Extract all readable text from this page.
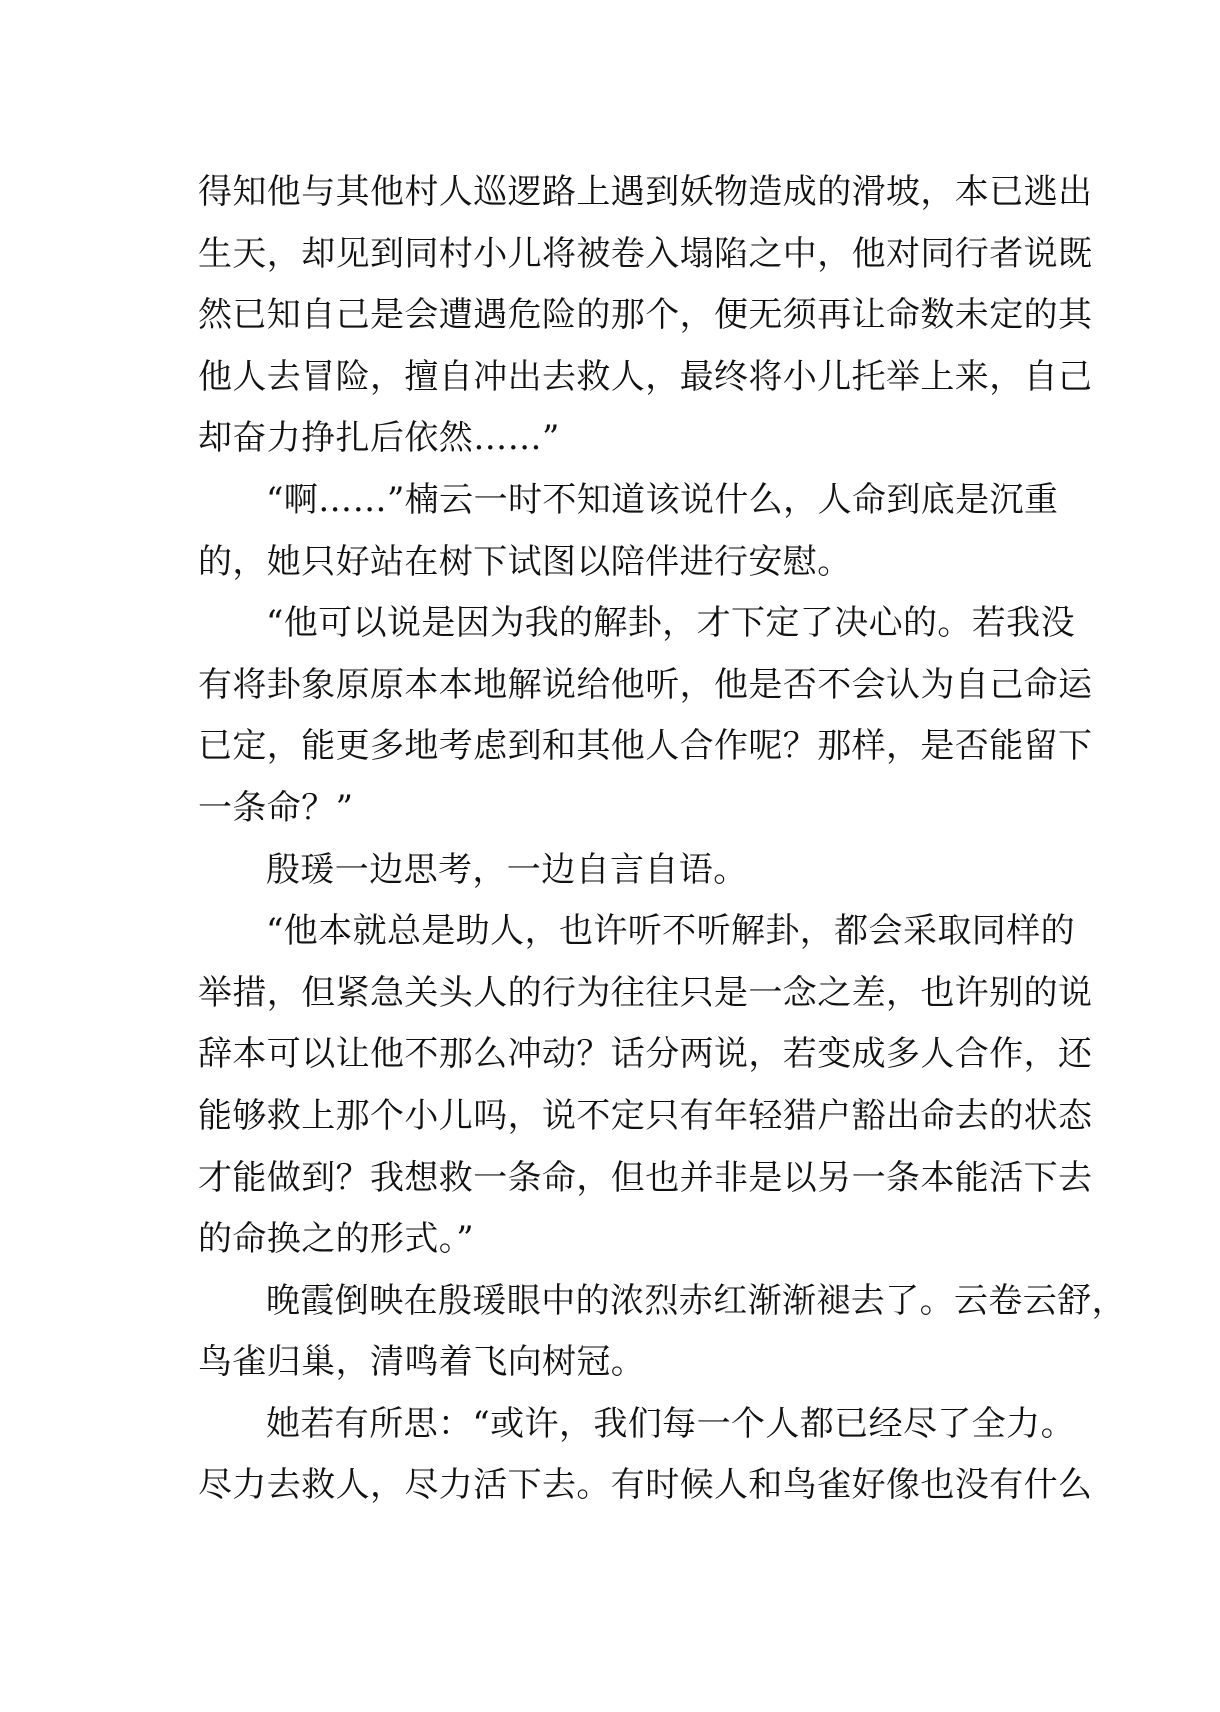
得知他与其他村人巡逻路上遇到妖物造成的滑坡，本已逃出
生天，却见到同村小儿将被卷入塌陷之中，他对同行者说既
然已知自己是会遭遇危险的那个，便无须再让命数未定的其
他人去冒险，擅自冲出去救人，最终将小儿托举上来，自己
却奋力挣扎后依然……”
“啊……”楠云一时不知道该说什么，人命到底是沉重
的，她只好站在树下试图以陪伴进行安慰。
“他可以说是因为我的解卦，才下定了决心的。若我没
有将卦象原原本本地解说给他听，他是否不会认为自己命运
已定，能更多地考虑到和其他人合作呢？那样，是否能留下
一条命？”
殷瑗一边思考，一边自言自语。
“他本就总是助人，也许听不听解卦，都会采取同样的
举措，但紧急关头人的行为往往只是一念之差，也许别的说
辞本可以让他不那么冲动？话分两说，若变成多人合作，还
能够救上那个小儿吗，说不定只有年轻猎户豁出命去的状态
才能做到？我想救一条命，但也并非是以另一条本能活下去
的命换之的形式。”
晚霞倒映在殷瑗眼中的浓烈赤红渐渐褪去了。云卷云舒，
鸟雀归巢，清鸣着飞向树冠。
她若有所思：“或许，我们每一个人都已经尽了全力。
尽力去救人，尽力活下去。有时候人和鸟雀好像也没有什么
